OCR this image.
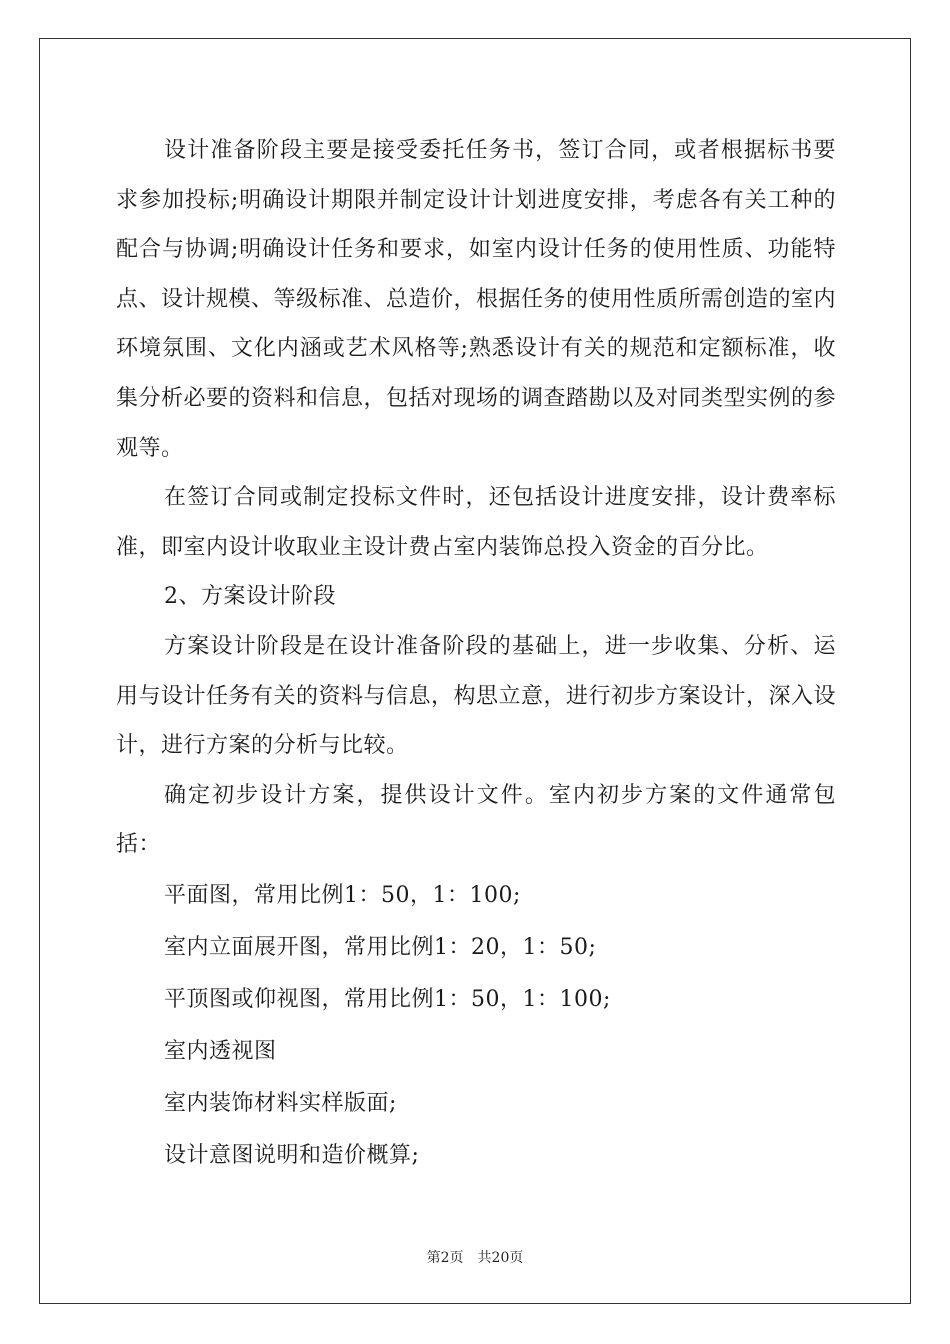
设计准备阶段主要是接受委托任务书，签订合同，或者根据标书要求参加投标;明确设计期限并制定设计计划进度安排，考虑各有关工种的配合与协调;明确设计任务和要求，如室内设计任务的使用性质、功能特点、设计规模、等级标准、总造价，根据任务的使用性质所需创造的室内环境氛围、文化内涵或艺术风格等;熟悉设计有关的规范和定额标准，收集分析必要的资料和信息，包括对现场的调查踏勘以及对同类型实例的参观等。

在签订合同或制定投标文件时，还包括设计进度安排，设计费率标准，即室内设计收取业主设计费占室内装饰总投入资金的百分比。

2、方案设计阶段

方案设计阶段是在设计准备阶段的基础上，进一步收集、分析、运用与设计任务有关的资料与信息，构思立意，进行初步方案设计，深入设计，进行方案的分析与比较。

确定初步设计方案，提供设计文件。室内初步方案的文件通常包括：

平面图，常用比例1：50，1：100;

室内立面展开图，常用比例1：20，1：50;

平顶图或仰视图，常用比例1：50，1：100;

室内透视图

室内装饰材料实样版面;

设计意图说明和造价概算;

第2页　共20页
